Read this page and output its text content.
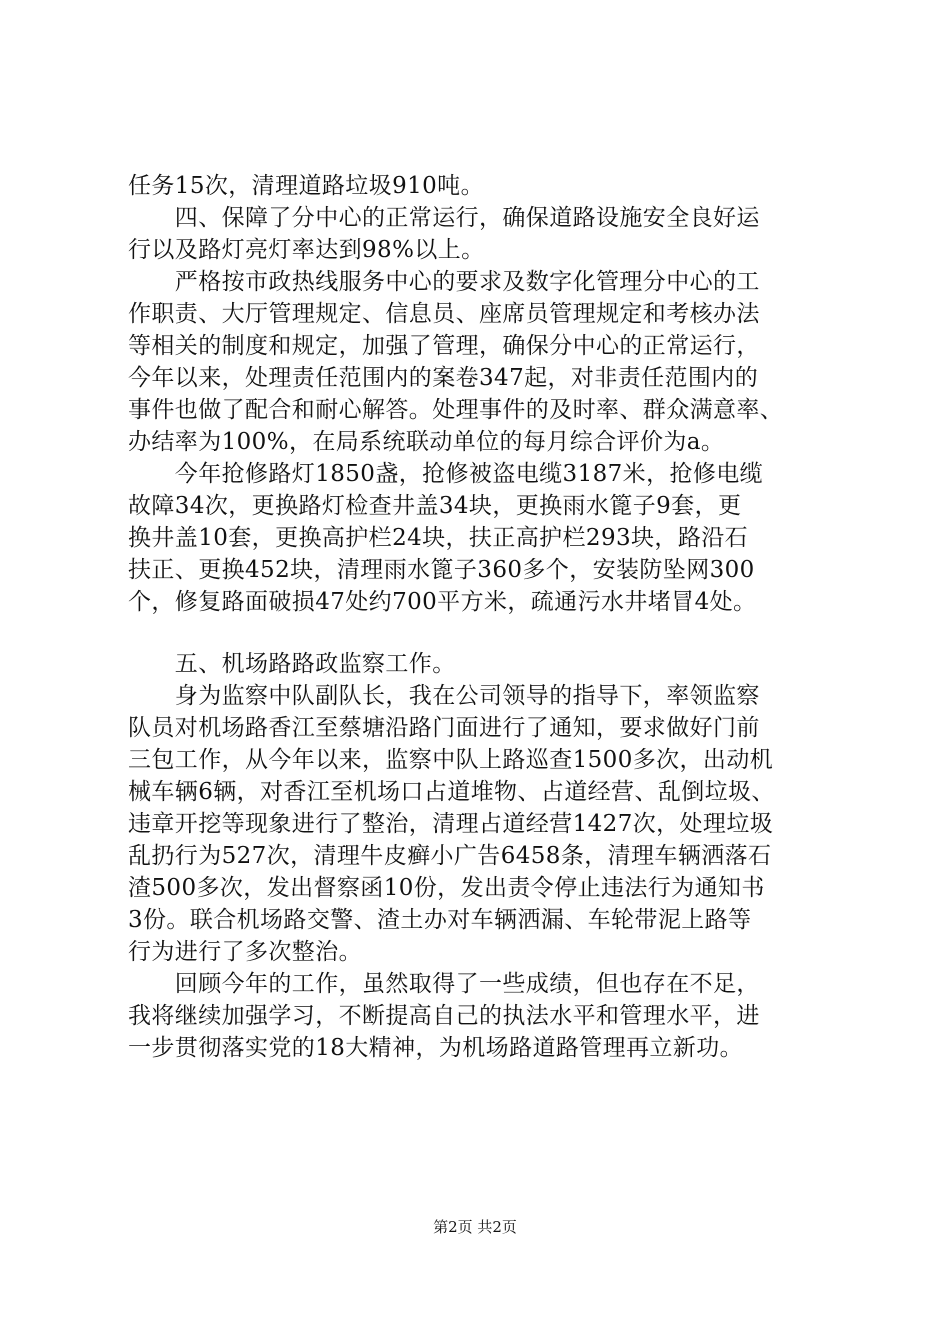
任务15次，清理道路垃圾910吨。
　　四、保障了分中心的正常运行，确保道路设施安全良好运
行以及路灯亮灯率达到98%以上。
　　严格按市政热线服务中心的要求及数字化管理分中心的工
作职责、大厅管理规定、信息员、座席员管理规定和考核办法
等相关的制度和规定，加强了管理，确保分中心的正常运行，
今年以来，处理责任范围内的案卷347起，对非责任范围内的
事件也做了配合和耐心解答。处理事件的及时率、群众满意率、
办结率为100%，在局系统联动单位的每月综合评价为a。
　　今年抢修路灯1850盏，抢修被盗电缆3187米，抢修电缆
故障34次，更换路灯检查井盖34块，更换雨水篦子9套，更
换井盖10套，更换高护栏24块，扶正高护栏293块，路沿石
扶正、更换452块，清理雨水篦子360多个，安装防坠网300
个，修复路面破损47处约700平方米，疏通污水井堵冒4处。
　　五、机场路路政监察工作。
　　身为监察中队副队长，我在公司领导的指导下，率领监察
队员对机场路香江至蔡塘沿路门面进行了通知，要求做好门前
三包工作，从今年以来，监察中队上路巡查1500多次，出动机
械车辆6辆，对香江至机场口占道堆物、占道经营、乱倒垃圾、
违章开挖等现象进行了整治，清理占道经营1427次，处理垃圾
乱扔行为527次，清理牛皮癣小广告6458条，清理车辆洒落石
渣500多次，发出督察函10份，发出责令停止违法行为通知书
3份。联合机场路交警、渣土办对车辆洒漏、车轮带泥上路等
行为进行了多次整治。
　　回顾今年的工作，虽然取得了一些成绩，但也存在不足，
我将继续加强学习，不断提高自己的执法水平和管理水平，进
一步贯彻落实党的18大精神，为机场路道路管理再立新功。
第2页 共2页
